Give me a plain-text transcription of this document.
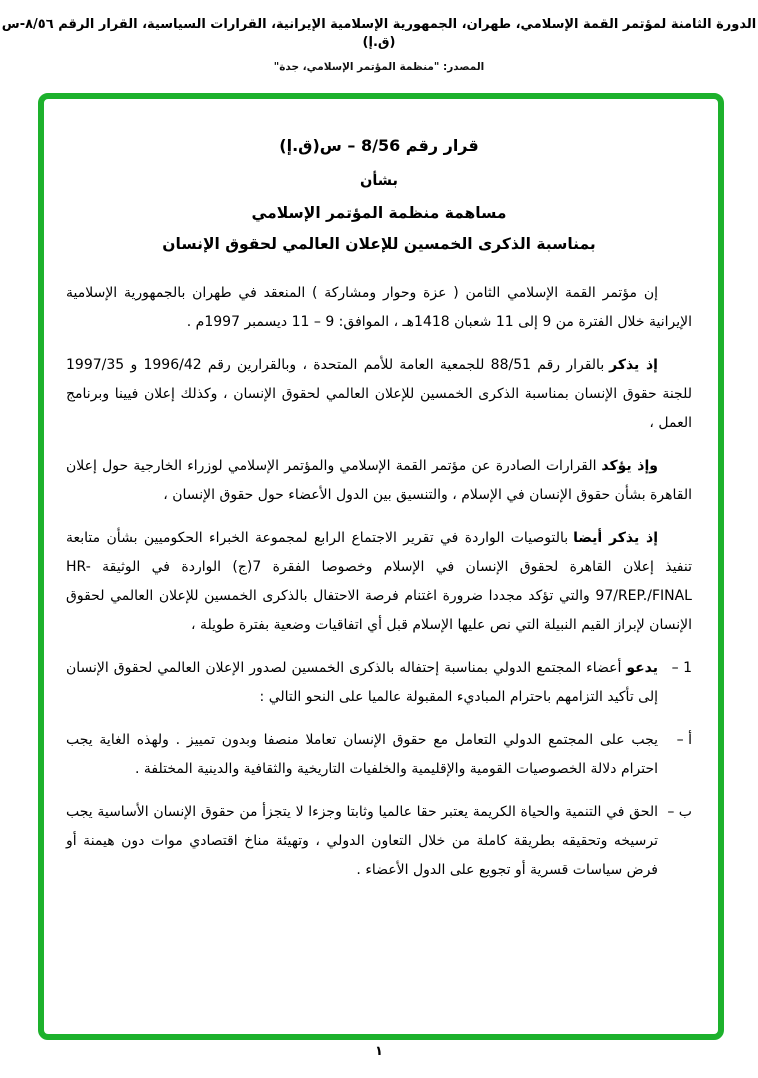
الدورة الثامنة لمؤتمر القمة الإسلامي، طهران، الجمهورية الإسلامية الإيرانية، القرارات السياسية، القرار الرقم ٨/٥٦-س (ق.إ)
المصدر: "منظمة المؤتمر الإسلامي، جدة"
قرار رقم 8/56 – س(ق.إ)
بشأن
مساهمة منظمة المؤتمر الإسلامي
بمناسبة الذكرى الخمسين للإعلان العالمي لحقوق الإنسان

إن مؤتمر القمة الإسلامي الثامن ( عزة وحوار ومشاركة ) المنعقد في طهران بالجمهورية الإسلامية الإيرانية خلال الفترة من 9 إلى 11 شعبان 1418هـ ، الموافق: 9 – 11 ديسمبر 1997م .

إذ يذكربالقرار رقم 88/51 للجمعية العامة للأمم المتحدة ، وبالقرارين رقم 1996/42 و 1997/35 للجنة حقوق الإنسان بمناسبة الذكرى الخمسين للإعلان العالمي لحقوق الإنسان ، وكذلك إعلان فيينا وبرنامج العمل ،

وإذ يؤكدالقرارات الصادرة عن مؤتمر القمة الإسلامي والمؤتمر الإسلامي لوزراء الخارجية حول إعلان القاهرة بشأن حقوق الإنسان في الإسلام ، والتنسيق بين الدول الأعضاء حول حقوق الإنسان ،

إذ يذكر أيضابالتوصيات الواردة في تقرير الاجتماع الرابع لمجموعة الخبراء الحكوميين بشأن متابعة تنفيذ إعلان القاهرة لحقوق الإنسان في الإسلام وخصوصا الفقرة 7(ج) الواردة في الوثيقة HR-97/REP./FINAL والتي تؤكد مجددا ضرورة اغتنام فرصة الاحتفال بالذكرى الخمسين للإعلان العالمي لحقوق الإنسان لإبراز القيم النبيلة التي نص عليها الإسلام قبل أي اتفاقيات وضعية بفترة طويلة ،

1 –
يدعوأعضاء المجتمع الدولي بمناسبة إحتفاله بالذكرى الخمسين لصدور الإعلان العالمي لحقوق الإنسان إلى تأكيد التزامهم باحترام المباديء المقبولة عالميا على النحو التالي :
أ –
يجب على المجتمع الدولي التعامل مع حقوق الإنسان تعاملا منصفا وبدون تمييز . ولهذه الغاية يجب احترام دلالة الخصوصيات القومية والإقليمية والخلفيات التاريخية والثقافية والدينية المختلفة .
ب –
الحق في التنمية والحياة الكريمة يعتبر حقا عالميا وثابتا وجزءا لا يتجزأ من حقوق الإنسان الأساسية يجب ترسيخه وتحقيقه بطريقة كاملة من خلال التعاون الدولي ، وتهيئة مناخ اقتصادي موات دون هيمنة أو فرض سياسات قسرية أو تجويع على الدول الأعضاء .
١
